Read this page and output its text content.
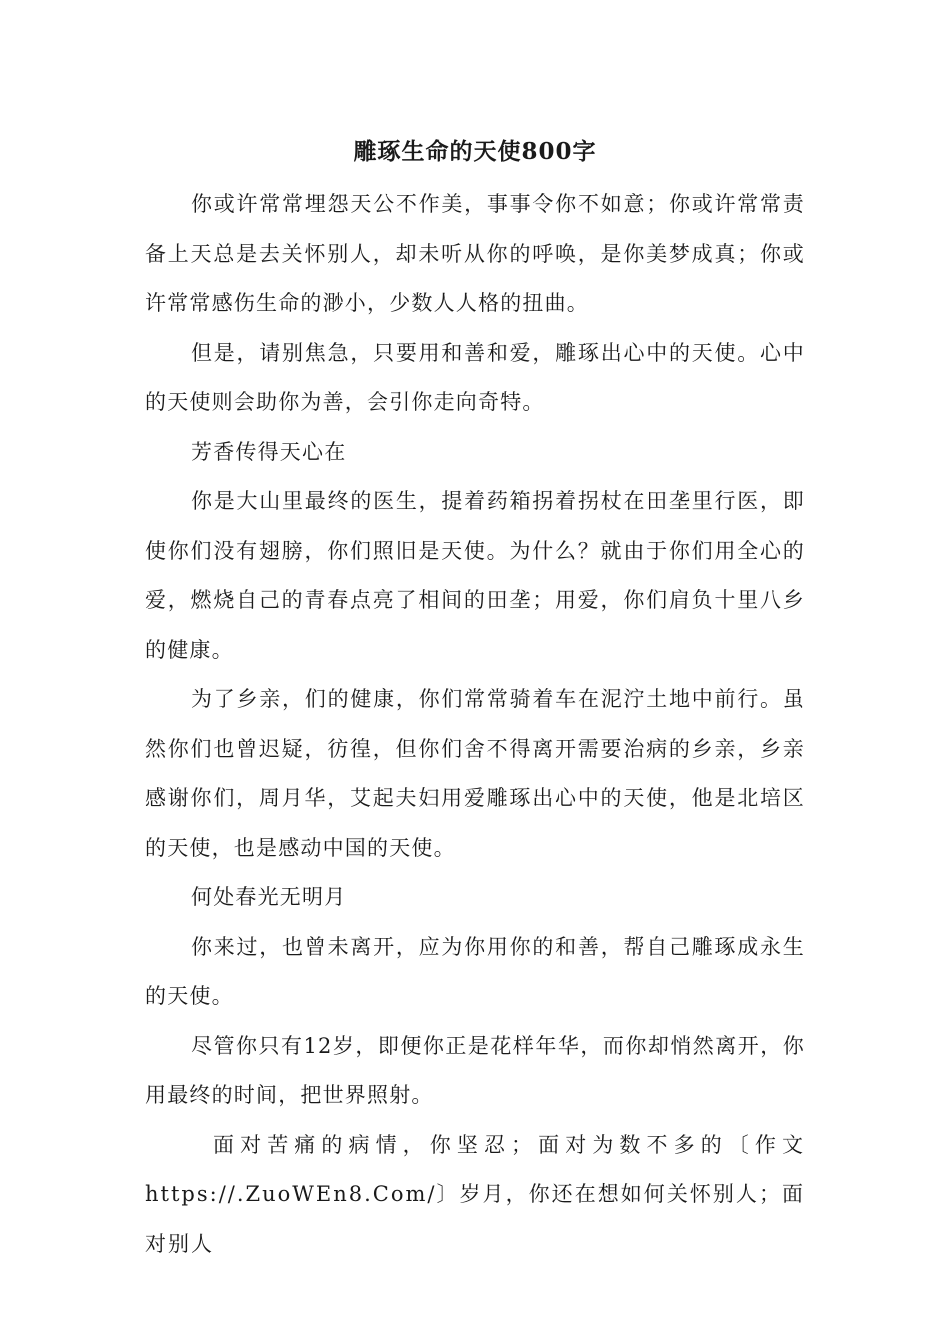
雕琢生命的天使800字

你或许常常埋怨天公不作美，事事令你不如意；你或许常常责备上天总是去关怀别人，却未听从你的呼唤，是你美梦成真；你或许常常感伤生命的渺小，少数人人格的扭曲。

但是，请别焦急，只要用和善和爱，雕琢出心中的天使。心中的天使则会助你为善，会引你走向奇特。

芳香传得天心在

你是大山里最终的医生，提着药箱拐着拐杖在田垄里行医，即使你们没有翅膀，你们照旧是天使。为什么？就由于你们用全心的爱，燃烧自己的青春点亮了相间的田垄；用爱，你们肩负十里八乡的健康。

为了乡亲，们的健康，你们常常骑着车在泥泞土地中前行。虽然你们也曾迟疑，彷徨，但你们舍不得离开需要治病的乡亲，乡亲感谢你们，周月华，艾起夫妇用爱雕琢出心中的天使，他是北培区的天使，也是感动中国的天使。

何处春光无明月

你来过，也曾未离开，应为你用你的和善，帮自己雕琢成永生的天使。

尽管你只有12岁，即便你正是花样年华，而你却悄然离开，你用最终的时间，把世界照射。

面对苦痛的病情，你坚忍；面对为数不多的〔作文https://.ZuoWEn8.Com/〕岁月，你还在想如何关怀别人；面对别人
